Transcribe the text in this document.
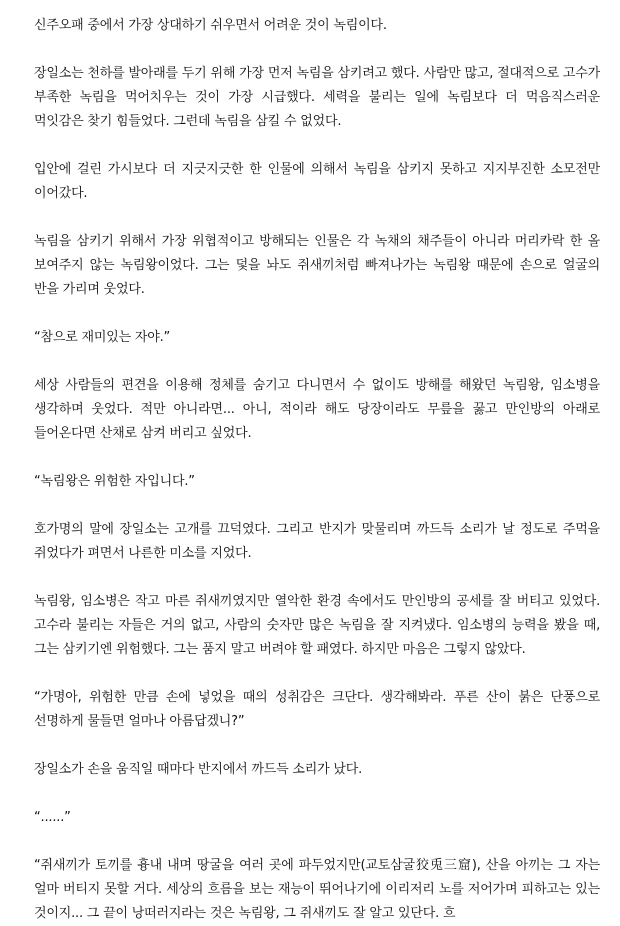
신주오패 중에서 가장 상대하기 쉬우면서 어려운 것이 녹림이다.

장일소는 천하를 발아래를 두기 위해 가장 먼저 녹림을 삼키려고 했다. 사람만 많고, 절대적으로 고수가 부족한 녹림을 먹어치우는 것이 가장 시급했다. 세력을 불리는 일에 녹림보다 더 먹음직스러운 먹잇감은 찾기 힘들었다. 그런데 녹림을 삼킬 수 없었다.

입안에 걸린 가시보다 더 지긋지긋한 한 인물에 의해서 녹림을 삼키지 못하고 지지부진한 소모전만 이어갔다.

녹림을 삼키기 위해서 가장 위협적이고 방해되는 인물은 각 녹채의 채주들이 아니라 머리카락 한 올 보여주지 않는 녹림왕이었다. 그는 덫을 놔도 쥐새끼처럼 빠져나가는 녹림왕 때문에 손으로 얼굴의 반을 가리며 웃었다.

“참으로 재미있는 자야.”

세상 사람들의 편견을 이용해 정체를 숨기고 다니면서 수 없이도 방해를 해왔던 녹림왕, 임소병을 생각하며 웃었다. 적만 아니라면... 아니, 적이라 해도 당장이라도 무릎을 꿇고 만인방의 아래로 들어온다면 산채로 삼켜 버리고 싶었다.

“녹림왕은 위험한 자입니다.”

호가명의 말에 장일소는 고개를 끄덕였다. 그리고 반지가 맞물리며 까드득 소리가 날 정도로 주먹을 쥐었다가 펴면서 나른한 미소를 지었다.

녹림왕, 임소병은 작고 마른 쥐새끼였지만 열악한 환경 속에서도 만인방의 공세를 잘 버티고 있었다. 고수라 불리는 자들은 거의 없고, 사람의 숫자만 많은 녹림을 잘 지켜냈다. 임소병의 능력을 봤을 때, 그는 삼키기엔 위험했다. 그는 품지 말고 버려야 할 패였다. 하지만 마음은 그렇지 않았다.

“가명아, 위험한 만큼 손에 넣었을 때의 성취감은 크단다. 생각해봐라. 푸른 산이 붉은 단풍으로 선명하게 물들면 얼마나 아름답겠니?”

장일소가 손을 움직일 때마다 반지에서 까드득 소리가 났다.

“......”

“쥐새끼가 토끼를 흉내 내며 땅굴을 여러 곳에 파두었지만(교토삼굴狡兎三窟), 산을 아끼는 그 자는 얼마 버티지 못할 거다. 세상의 흐름을 보는 재능이 뛰어나기에 이리저리 노를 저어가며 피하고는 있는 것이지... 그 끝이 낭떠러지라는 것은 녹림왕, 그 쥐새끼도 잘 알고 있단다. 흐
